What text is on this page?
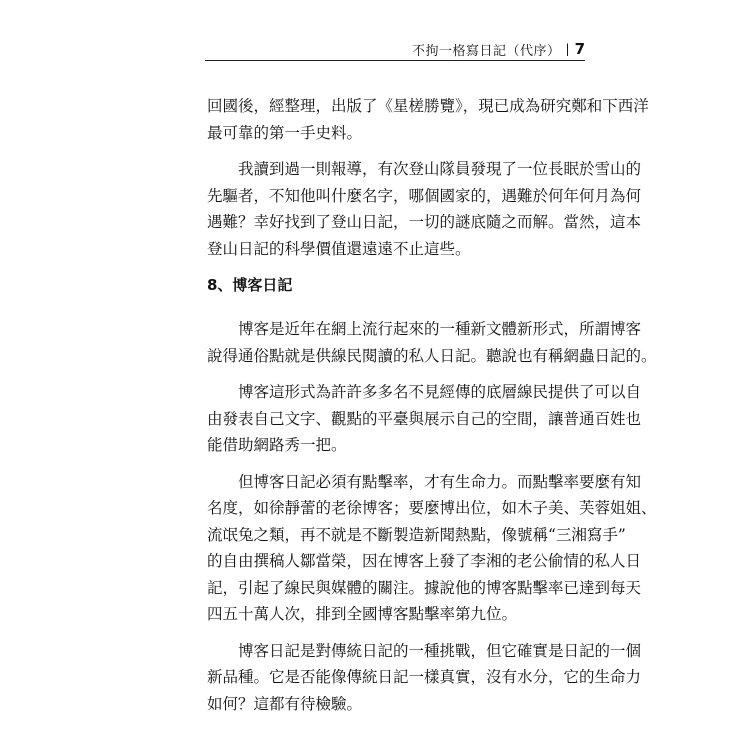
不拘一格寫日記（代序） | 7
回國後，經整理，出版了《星槎勝覽》，現已成為研究鄭和下西洋
最可靠的第一手史料。
我讀到過一則報導，有次登山隊員發現了一位長眠於雪山的
先驅者，不知他叫什麼名字，哪個國家的，遇難於何年何月為何
遇難？幸好找到了登山日記，一切的謎底隨之而解。當然，這本
登山日記的科學價值還遠遠不止這些。
8、博客日記
博客是近年在網上流行起來的一種新文體新形式，所謂博客
說得通俗點就是供線民閱讀的私人日記。聽說也有稱網蟲日記的。
博客這形式為許許多多名不見經傳的底層線民提供了可以自
由發表自己文字、觀點的平臺與展示自己的空間，讓普通百姓也
能借助網路秀一把。
但博客日記必須有點擊率，才有生命力。而點擊率要麼有知
名度，如徐靜蕾的老徐博客；要麼博出位，如木子美、芙蓉姐姐、
流氓兔之類，再不就是不斷製造新聞熱點，像號稱“三湘寫手”
的自由撰稿人鄒當榮，因在博客上發了李湘的老公偷情的私人日
記，引起了線民與媒體的關注。據說他的博客點擊率已達到每天
四五十萬人次，排到全國博客點擊率第九位。
博客日記是對傳統日記的一種挑戰，但它確實是日記的一個
新品種。它是否能像傳統日記一樣真實，沒有水分，它的生命力
如何？這都有待檢驗。
